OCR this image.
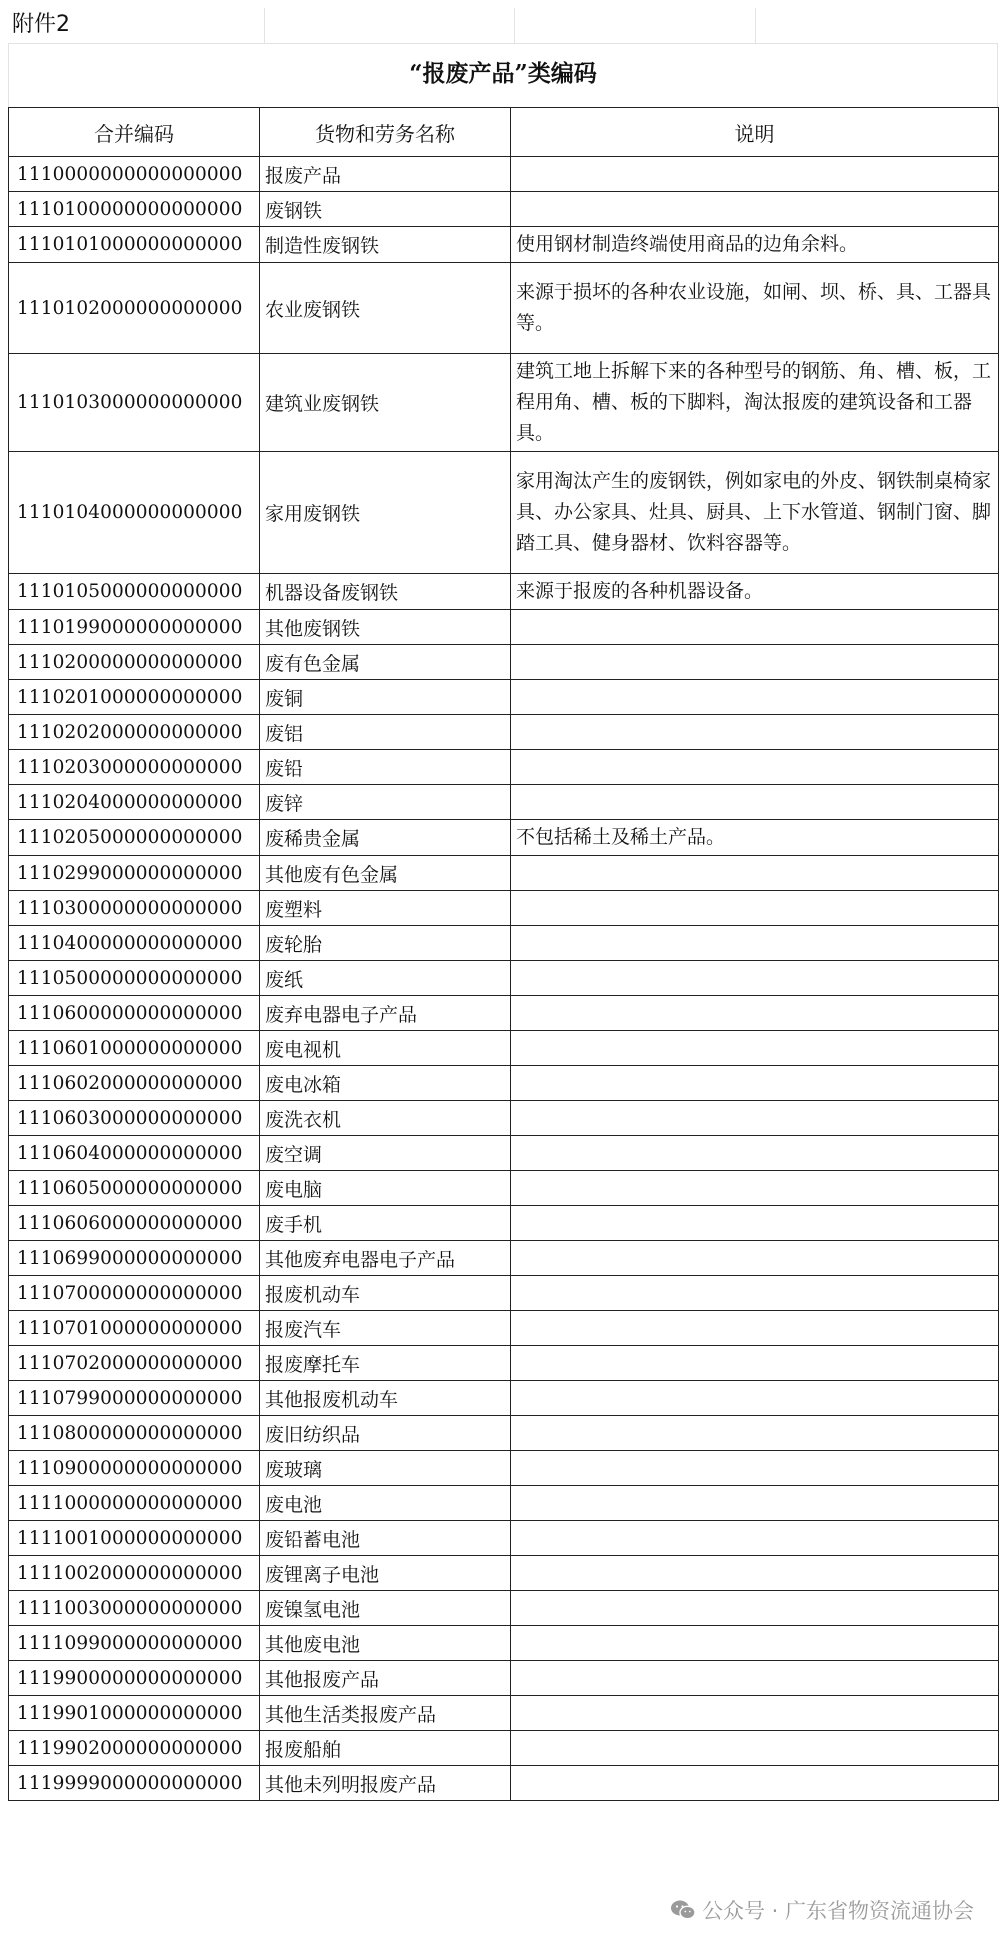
附件2
“报废产品”类编码
合并编码	货物和劳务名称	说明
1110000000000000000	报废产品	
1110100000000000000	废钢铁	
1110101000000000000	制造性废钢铁	使用钢材制造终端使用商品的边角余料。
1110102000000000000	农业废钢铁	来源于损坏的各种农业设施，如闸、坝、桥、具、工器具等。
1110103000000000000	建筑业废钢铁	建筑工地上拆解下来的各种型号的钢筋、角、槽、板，工程用角、槽、板的下脚料，淘汰报废的建筑设备和工器具。
1110104000000000000	家用废钢铁	家用淘汰产生的废钢铁，例如家电的外皮、钢铁制桌椅家具、办公家具、灶具、厨具、上下水管道、钢制门窗、脚踏工具、健身器材、饮料容器等。
1110105000000000000	机器设备废钢铁	来源于报废的各种机器设备。
1110199000000000000	其他废钢铁	
1110200000000000000	废有色金属	
1110201000000000000	废铜	
1110202000000000000	废铝	
1110203000000000000	废铅	
1110204000000000000	废锌	
1110205000000000000	废稀贵金属	不包括稀土及稀土产品。
1110299000000000000	其他废有色金属	
1110300000000000000	废塑料	
1110400000000000000	废轮胎	
1110500000000000000	废纸	
1110600000000000000	废弃电器电子产品	
1110601000000000000	废电视机	
1110602000000000000	废电冰箱	
1110603000000000000	废洗衣机	
1110604000000000000	废空调	
1110605000000000000	废电脑	
1110606000000000000	废手机	
1110699000000000000	其他废弃电器电子产品	
1110700000000000000	报废机动车	
1110701000000000000	报废汽车	
1110702000000000000	报废摩托车	
1110799000000000000	其他报废机动车	
1110800000000000000	废旧纺织品	
1110900000000000000	废玻璃	
1111000000000000000	废电池	
1111001000000000000	废铅蓄电池	
1111002000000000000	废锂离子电池	
1111003000000000000	废镍氢电池	
1111099000000000000	其他废电池	
1119900000000000000	其他报废产品	
1119901000000000000	其他生活类报废产品	
1119902000000000000	报废船舶	
1119999000000000000	其他未列明报废产品	
公众号 · 广东省物资流通协会
